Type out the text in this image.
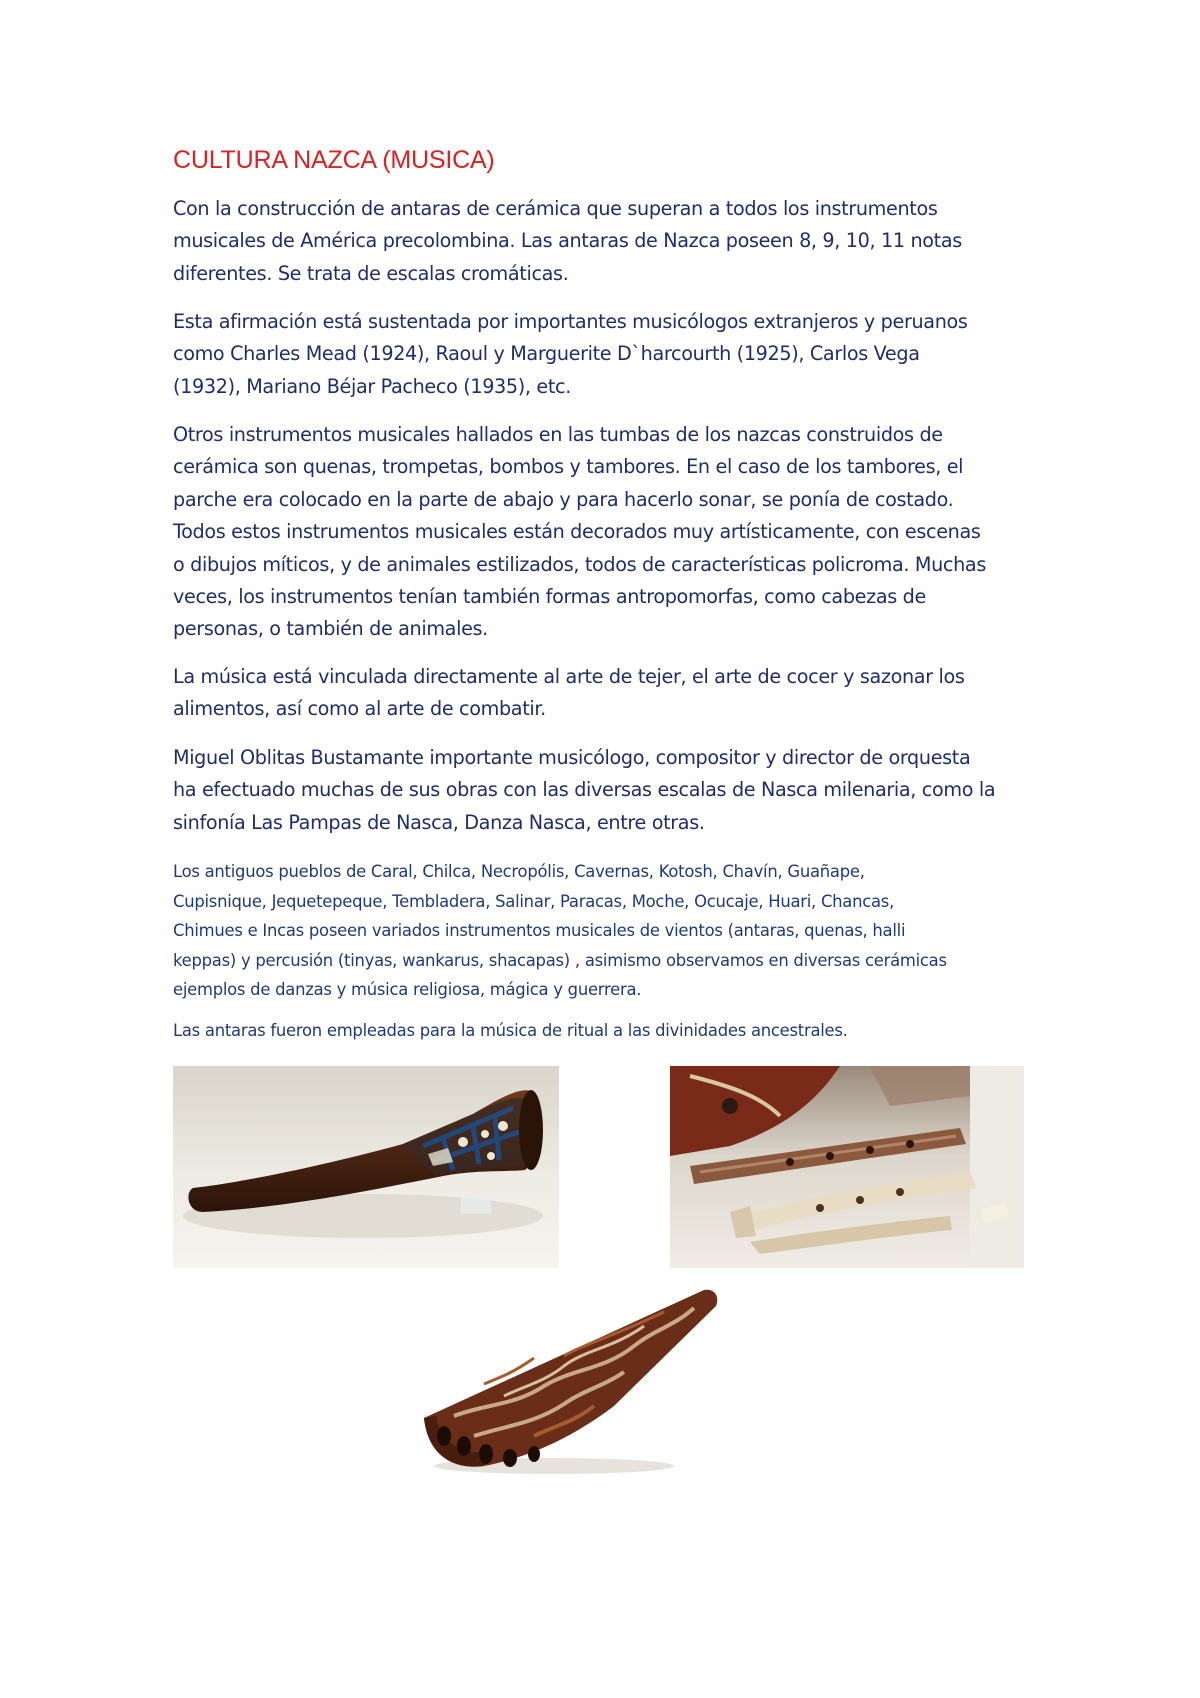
CULTURA NAZCA (MUSICA)

Con la construcción de antaras de cerámica que superan a todos los instrumentos
musicales de América precolombina. Las antaras de Nazca poseen 8, 9, 10, 11 notas
diferentes. Se trata de escalas cromáticas.

Esta afirmación está sustentada por importantes musicólogos extranjeros y peruanos
como Charles Mead (1924), Raoul y Marguerite D`harcourth (1925), Carlos Vega
(1932), Mariano Béjar Pacheco (1935), etc.

Otros instrumentos musicales hallados en las tumbas de los nazcas construidos de
cerámica son quenas, trompetas, bombos y tambores. En el caso de los tambores, el
parche era colocado en la parte de abajo y para hacerlo sonar, se ponía de costado.
Todos estos instrumentos musicales están decorados muy artísticamente, con escenas
o dibujos míticos, y de animales estilizados, todos de características policroma. Muchas
veces, los instrumentos tenían también formas antropomorfas, como cabezas de
personas, o también de animales.

La música está vinculada directamente al arte de tejer, el arte de cocer y sazonar los
alimentos, así como al arte de combatir.

Miguel Oblitas Bustamante importante musicólogo, compositor y director de orquesta
ha efectuado muchas de sus obras con las diversas escalas de Nasca milenaria, como la
sinfonía Las Pampas de Nasca, Danza Nasca, entre otras.

Los antiguos pueblos de Caral, Chilca, Necropólis, Cavernas, Kotosh, Chavín, Guañape,
Cupisnique, Jequetepeque, Tembladera, Salinar, Paracas, Moche, Ocucaje, Huari, Chancas,
Chimues e Incas poseen variados instrumentos musicales de vientos (antaras, quenas, halli
keppas) y percusión (tinyas, wankarus, shacapas) , asimismo observamos en diversas cerámicas
ejemplos de danzas y música religiosa, mágica y guerrera.

Las antaras fueron empleadas para la música de ritual a las divinidades ancestrales.
